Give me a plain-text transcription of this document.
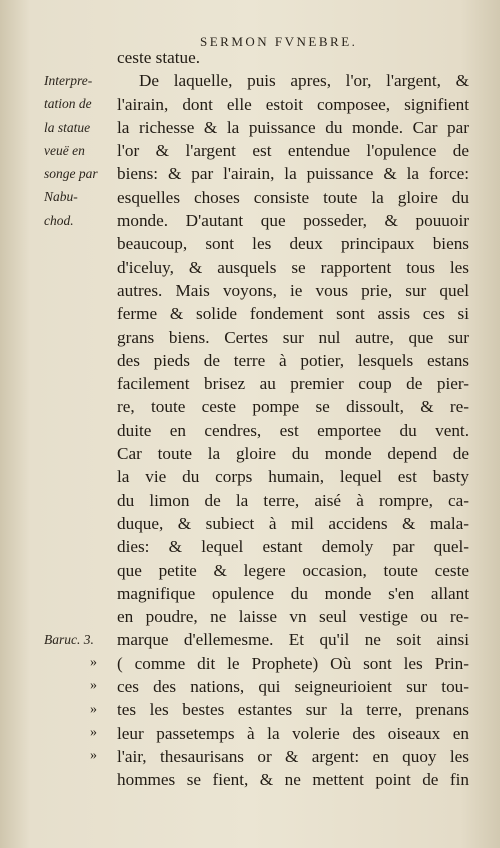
SERMON FVNEBRE.
Interpre-
tation de
la statue
veuë en
songe par
Nabu-
chod.
Baruc. 3.
»
»
»
»
»
ceste statue.
De laquelle, puis apres, l'or, l'argent, &
l'airain, dont elle estoit composee, signifient
la richesse & la puissance du monde. Car par
l'or & l'argent est entendue l'opulence de
biens: & par l'airain, la puissance & la force:
esquelles choses consiste toute la gloire du
monde. D'autant que posseder, & pouuoir
beaucoup, sont les deux principaux biens
d'iceluy, & ausquels se rapportent tous les
autres. Mais voyons, ie vous prie, sur quel
ferme & solide fondement sont assis ces si
grans biens. Certes sur nul autre, que sur
des pieds de terre à potier, lesquels estans
facilement brisez au premier coup de pier-
re, toute ceste pompe se dissoult, & re-
duite en cendres, est emportee du vent.
Car toute la gloire du monde depend de
la vie du corps humain, lequel est basty
du limon de la terre, aisé à rompre, ca-
duque, & subiect à mil accidens & mala-
dies: & lequel estant demoly par quel-
que petite & legere occasion, toute ceste
magnifique opulence du monde s'en allant
en poudre, ne laisse vn seul vestige ou re-
marque d'ellemesme. Et qu'il ne soit ainsi
( comme dit le Prophete) Où sont les Prin-
ces des nations, qui seigneurioient sur tou-
tes les bestes estantes sur la terre, prenans
leur passetemps à la volerie des oiseaux en
l'air, thesaurisans or & argent: en quoy les
hommes se fient, & ne mettent point de fin
